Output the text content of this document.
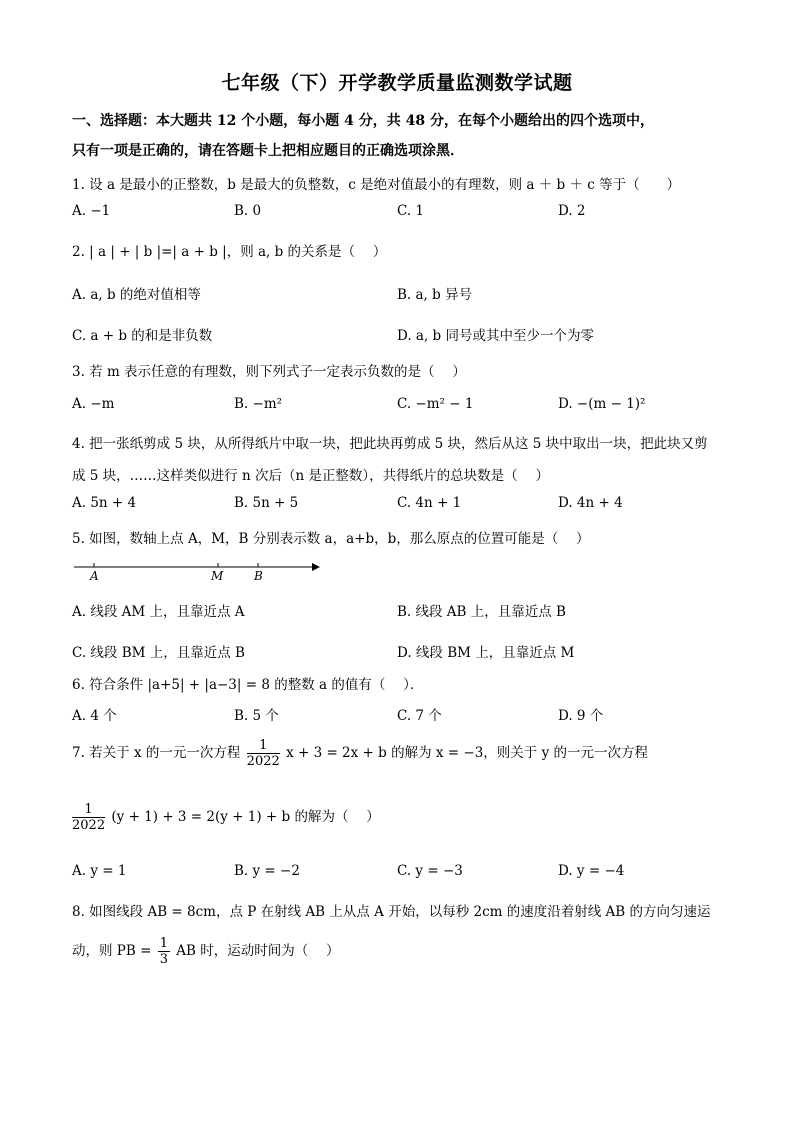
七年级（下）开学教学质量监测数学试题
一、选择题：本大题共 12 个小题，每小题 4 分，共 48 分，在每个小题给出的四个选项中，
只有一项是正确的，请在答题卡上把相应题目的正确选项涂黑．
1. 设 a 是最小的正整数，b 是最大的负整数，c 是绝对值最小的有理数，则 a ＋ b ＋ c 等于（　　）
A. −1	B. 0	C. 1	D. 2
2. | a | + | b |=| a + b |，则 a, b 的关系是（　 ）
A. a, b 的绝对值相等	B. a, b 异号
C. a + b 的和是非负数	D. a, b 同号或其中至少一个为零
3. 若 m 表示任意的有理数，则下列式子一定表示负数的是（　 ）
A. −m	B. −m²	C. −m² − 1	D. −(m − 1)²
4. 把一张纸剪成 5 块，从所得纸片中取一块，把此块再剪成 5 块，然后从这 5 块中取出一块，把此块又剪
成 5 块，……这样类似进行 n 次后（n 是正整数），共得纸片的总块数是（　 ）
A. 5n + 4	B. 5n + 5	C. 4n + 1	D. 4n + 4
5. 如图，数轴上点 A，M，B 分别表示数 a，a+b，b，那么原点的位置可能是（　 ）
A	M	B
A. 线段 AM 上，且靠近点 A	B. 线段 AB 上，且靠近点 B
C. 线段 BM 上，且靠近点 B	D. 线段 BM 上，且靠近点 M
6. 符合条件 |a+5| + |a−3| = 8 的整数 a 的值有（　 ）．
A. 4 个	B. 5 个	C. 7 个	D. 9 个
7. 若关于 x 的一元一次方程 $\frac{1}{2022}$ x + 3 = 2x + b 的解为 x = −3，则关于 y 的一元一次方程
$\frac{1}{2022} (y + 1) + 3 = 2(y + 1) + b$ 的解为（　 ）
A. y = 1	B. y = −2	C. y = −3	D. y = −4
8. 如图线段 AB = 8cm，点 P 在射线 AB 上从点 A 开始，以每秒 2cm 的速度沿着射线 AB 的方向匀速运
动，则 PB = $\frac{1}{3}$ AB 时，运动时间为（　 ）
